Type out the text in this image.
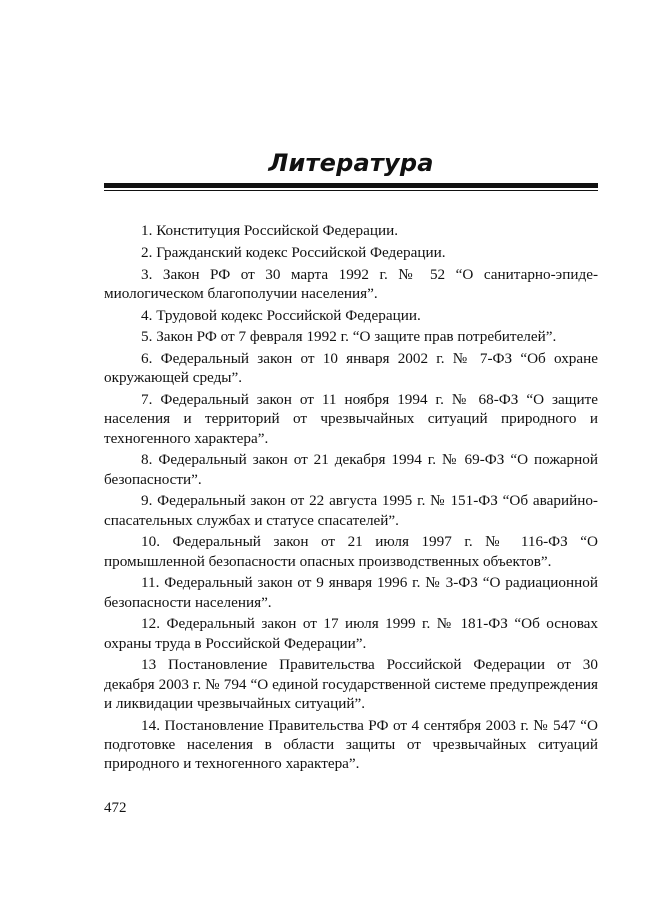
Литература
1. Конституция Российской Федерации.
2. Гражданский кодекс Российской Федерации.
3. Закон РФ от 30 марта 1992 г. № 52 “О санитарно-эпидемиологическом благополучии населения”.
4. Трудовой кодекс Российской Федерации.
5. Закон РФ от 7 февраля 1992 г. “О защите прав потребителей”.
6. Федеральный закон от 10 января 2002 г. № 7-ФЗ “Об охране окружающей среды”.
7. Федеральный закон от 11 ноября 1994 г. № 68-ФЗ “О защите населения и территорий от чрезвычайных ситуаций природного и техногенного характера”.
8. Федеральный закон от 21 декабря 1994 г. № 69-ФЗ “О пожарной безопасности”.
9. Федеральный закон от 22 августа 1995 г. № 151-ФЗ “Об аварийно-спасательных службах и статусе спасателей”.
10. Федеральный закон от 21 июля 1997 г. № 116-ФЗ “О промышленной безопасности опасных производственных объектов”.
11. Федеральный закон от 9 января 1996 г. № 3-ФЗ “О радиационной безопасности населения”.
12. Федеральный закон от 17 июля 1999 г. № 181-ФЗ “Об основах охраны труда в Российской Федерации”.
13 Постановление Правительства Российской Федерации от 30 декабря 2003 г. № 794 “О единой государственной системе предупреждения и ликвидации чрезвычайных ситуаций”.
14. Постановление Правительства РФ от 4 сентября 2003 г. № 547 “О подготовке населения в области защиты от чрезвычайных ситуаций природного и техногенного характера”.
472
